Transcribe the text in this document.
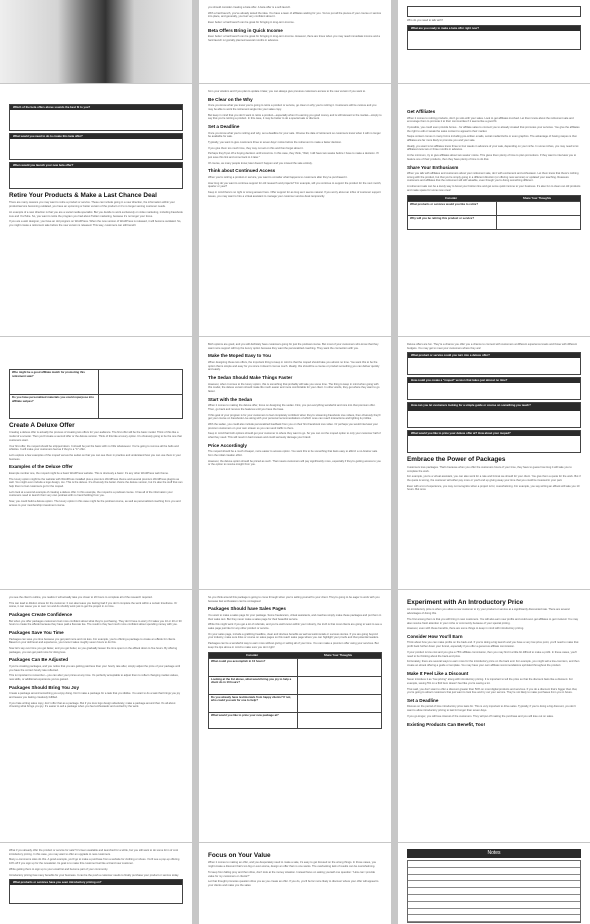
you should consider creating a beta offer. A beta offer is a soft launch.
With a hard launch, you've already tested the idea. You have a team of affiliates waiting for you. You've put all the pieces of your course or service into place, and generally, you feel very confident about it.
Even better: a hard launch can be great for bringing in long-term income.
Beta Offers Bring in Quick Income
Even better: a hard launch can be great for bringing in long-term income. However, there are times when you may need immediate income and a hard launch is typically planned several months in advance.
Who do you need to talk with?
What are you ready to make a beta offer right now?
Which of the beta offers above sounds the best fit to you?
What would you need to do to create this beta offer?
When would you launch your new beta offer?
Retire Your Products & Make a Last Chance Deal
There are many reasons you may want to retire a product or service. These can include going in a new direction, the information within your product/service becoming outdated, you have an upcoming or better version of the product or it's no longer serving customer needs.
An example of a new direction is that you are a social media specialist. But you decide to work exclusively on video marketing, including Facebook Live and YouTube. So, you want to retire the program you had about Twitter marketing, because it's no longer your focus.
If you are a web designer, you have an old program on WordPress. When the new version of WordPress is released, it will become outdated. So, you might create a retirement sale before the new version is released. This way, customers can still benefit
from your wisdom and if you plan to update it later, you can always give previous customers access to the new version if you want to.
Be Clear on the Why
Once you know what you know you're going to retire a product or service, go clear on why you're retiring it. Customers will be curious and you may be able to work the retirement angle into your sales copy.
But keep in mind that you don't want to retire a product—especially when it's earning you good money and is still relevant to the market—simply to say that you're retiring a product. In this case, it may be better to do a special sale or discount.
Set a Deadline
Once you know what you're retiring and why, set a deadline for your sale. Choose the date of retirement so customers know when it will no longer be available for sale.
Typically, you want to give customers three to seven days' notice before the retirement to make a faster decision.
If you give them too much time, they may not act on this and then forget about it.
Perhaps they'll put off a buying decision until tomorrow. In this case, they think, "Well, I still have two weeks before I have to make a decision. I'll just save this link and come back to it later."
Of course, as many people know, later doesn't happen and you missed the sale entirely.
Think about Continued Access
When you're retiring a product or service, you want to consider what happens to customers after they've purchased it.
How long do you want to continue support for old research and projects? For example, will you continue to support the product for the next month, quarter or year?
Keep in mind there's no right or wrong answer here. Offer support for as long as it seems natural. If you worry about an influx of customer support issues, you may want to hire a virtual assistant to manage your customer service desk temporarily.
Get Affiliates
When it comes to retiring products, don't go solo with your sales. Look to get affiliates involved. Let them know about the retirement sale and encourage them to promote it to their communities if it seems like a good fit.
If possible, you could even provide bonus... for affiliate sales to connect you to already created that promotes your services. You give the affiliates the right to edit or tweak the sales content to appeal to their market.
Swipe content comes in many forms including pre-written emails, social media blurbs or even graphics. The advantage of having swipes is that affiliates are far more likely to promote you and your sale.
Ideally, you want to let affiliates know three to four weeks in advance of your sale, depending on your niche. In some niches, you may need to let affiliates know two or three months in advance.
At the minimum, try to give affiliates about two weeks' notice. This gives them plenty of time to plan promotions. If they want to interview you to feature one of their products, then they have plenty of time to do that.
Share Your Enthusiasm
When you talk with affiliates and customers about your retirement sale, do it with excitement and enthusiasm. Let them know that there's nothing wrong with the product, but that you're simply going in a different direction (or offering new services) or updated your teaching. Reassure customers and affiliates that the retirement will still valuable, even though you're doing something different.
A retirement sale can be a lovely way to boost your bottom line and get some quick income to your business. It's also fun to clean out old products and make space for some new ones!
Consider	Share Your Thoughts
What products or services would you like to retire?
Why will you be retiring this product or service?
Who might be a good affiliate match for promoting this retirement sale?
Do you have personalized materials you could repurpose into affiliate swipes?
Create A Deluxe Offer
Creating a deluxe offer is actually the process of creating two offers for your audience. The first offer will be the basic model. Think of this like a model of a scooter. Then you'll create a second offer or the deluxe version. Think of this like a luxury option. It's obviously going to be the one that customers want.
Your first offer, the moped should be stripped down. It should be just the basic with no frills whatsoever. You're going to remove all the bells and whistles. It will make your customers feel as if they're a "C" offer.
Let's explore a few examples of the moped versus the sedan so that you can see them in practice and understand how you can use them in your business.
Examples of the Deluxe Offer
Example number one, the moped might be a basic WordPress website. This is obviously a basic: It's any other WordPress web theme.
The luxury option might be the website with WordPress installed plus a premium WordPress theme and several premium WordPress plugins as well. You might even include a logo design, too. This is the deluxe. It's obviously the better choice the deluxe version, but it's also the stuff that can help them to feel customers go for the moped.
Let's look at a second example of creating a deluxe offer. In this example, the moped is a podcast course. It has all of the information your customers need to launch their very own podcast with no hand holding from you.
Now, you could build a deluxe option. The luxury option in this case might be the podcast course, as well as personalized coaching from you and access to your membership investment course.
Both options are good, and you will definitely have customers going for just the podcast course. But most of your customers who know that they want more support will buy the luxury option because they want the personalized coaching. They want the connection with you.
Make the Moped Easy to You
When designing these two offers, the important thing to keep in mind is that the moped should take you almost no time. You want this to be the option that is simple and easy for you since it doesn't cost as much. Ideally, this should be a course or product something you can deliver quickly and easily.
The Sedan Should Make Things Faster
However, when it comes to the luxury option, this is something that probably will take you some time. The thing to keep in mind when going with this model, the deluxe version should make life much easier and more comfortable for your client. In other words, they get where they want to go faster.
Start with the Sedan
When it comes to making the deluxe offer, focus on designing the sedan. First, you put everything wonderful and nice into that premium offer. Then, go back and remove the features until you have the base.
If this goal of your program is for your customers to feel completely confident when they're streaming Facebook Live videos, then obviously they'll get your course on Facebook Live along with your personal recommendations of which ones can reach interactions and lighting & profiles.
With the sedan, you could also include personalized feedback from you on their first Facebook Live video. Or perhaps you would interview your premium customers on your own stream so you can send traffic to them.
Keep in mind that both options should get your customer to where they want to go. So you can cut the moped option to only your customer half of what they need. This will result in bad reviews and could seriously damage your brand.
Price Accordingly
The moped should be a much cheaper, more easier to access option. You want this to be something that feels easy to afford: a no-brainer sale from the initial creation effort.
However, the deluxe option should be priced as such. That means customers will pay significantly more, especially if they're getting access to you or the option to receive insight from you.
Deluxe offers are fun. They're a chance you offer you a chance to connect with customers at different experience levels and those with different budgets. You may get to meet your customers where they are!
What product or service could you turn into a deluxe offer?
How could you create a "moped" version that takes just almost no time?
How can you let customers looking for a simple guide or course on something you teach?
What would you like to price your deluxe offer at? How about your moped?
Embrace the Power of Packages
Customers love packages. That's because when you offer the customers hours of your time, they have to guess how long it will take you to complete the work.
For example, you're a virtual assistant, you can also work for a rate and format we should for your client. You give them a quote for the work. But if the quote is wrong, the customer will either pay more or you'll end up giving away your time that you could be invested in your part.
Even with a lot of experience, you may not recognize when a project is for, overwhelming. For example, you say writing an eBook will take you 10 hours. But once
you see the client's outline, you realize it will actually take you closer to 20 hours to complete all of the research required.
This can lead to dilution stress for the customer. It can also leave you feeling bad if you don't complete the work within a certain timeframe. Or worse, it can cause you to over run and do shoddy work just to get the project in on time.
Packages Create Confidence
But when you offer packages customers feel more confident about what they're purchasing. They don't have to worry if it takes you 10 or 20 or 30 hours to create the eBook because they have paid a flat-rate fee. The result is they feel much more confident about spending money with you.
Packages Save You Time
Packages can save you time because you get paid more and not less. For example, you're offering a package to create an eBook for clients. Based on your skill level and experience, you know it takes roughly seven hours to do this.
Now let's say over time you get faster, and you get better, so you gradually lessen the time spent on the eBook down to five hours. By offering packages, you can get paid more for doing less.
Packages Can Be Adjusted
If you're creating packages, and you notice that you are getting paid less than your hourly rate after, simply adjust the price of your package until you have the correct hourly rate reflected.
This is important to remember—you can alter your prices at any time. It's perfectly acceptable to adjust them to reflect changing market values, new skills, or additional experience you've gained.
Packages Should Bring You Joy
Create a package around something you enjoy doing. Don't make a package for a task that you dislike. You want to do a task that brings you joy and leaves you feeling creatively fulfilled.
If you hate writing sales copy, don't offer that as a package. But if you love logo design absolutely, make a package around that. It's all about choosing what brings you joy. It's easier to sell a package when you feel enthusiastic and excited by the work.
So you think around this package is going to come through when you're selling yourself to your client. They're going to be eager to work with you because feel enthusiasm can be contagious!
Packages Should have Sales Pages
You want to make a sales page for your package. Some freelancers, virtual assistants, and coaches simply make these packages and put them in their sales text. But they never make a sales page for their beautiful service.
While this might work if you get a lot of referrals, and you're well known within your industry, the truth is that most clients are going to want to see a sales page just like for any other product or service.
On your sales page, include a grabbing headline, clear and obvious benefits as well as testimonials or success stories. If you are going beyond your industry, make sure links or course on sales pages so this reach sales page where you can highlight your proofs and that potential readers.
Packages can be a wonderful way to earn more without giving or selling all of your time. You can make a premium offer using your services. But keep the tips above in mind to make sure you do it right!
Consider	Share Your Thoughts
What could you accomplish in 10 hours?
Looking at the list above, what would bring you joy to help a client do in 10 hours?
Do you already have testimonials from happy clients? If not, who could you ask for one to help?
What would you like to price your new package at?
Experiment with An Introductory Price
An introductory price is when you allow a new customer to try your product or service at a significantly discounted rate. There are several advantages of doing this.
The first among them is that you will bring in new customers. You will also earn new profits and could even get affiliates to get involved. You may also receive fresh attention in your niche or community because of your special pricing.
However, even with these benefits, there are some things to keep in mind with introductory pricing.
Consider How You'll Earn
Think about how you can make profits on the back end. If you're doing a big launch and you have a very low price point, you'll need to make that profit back further down your funnel, especially if you offer a generous affiliate commission.
If your product is low cost and you give a 75% affiliate commission, then you may find it a little bit difficult to make a profit. In these cases, you'll need to be thinking about the back-end price.
Fortunately, there are several ways to earn more for the introductory price on the back end. For example, you might sell a low-cost item, and then create an ebook offering a guide or template. You may have your own affiliate recommendations sprinkled throughout the product.
Make It Feel Like a Discount
Never introduce it as "low pricing" along with introductory pricing. It is important to tell the price so that the discount feels like a discount. For example, saving 5% on a $10 item doesn't feel like you're saving a lot.
That said, you don't want to offer a discount greater than 50% on most digital products and services. If you do a discount that's bigger than that, you're going to attract customers that just want to look free and try out your service. They're not likely to make purchases from you in future.
Set a Deadline
Discuss on the period of time introductory price lasts for. This is very important to drive sales. Typically, if you're doing a big discount, you don't want to allow introductory pricing to last for longer than seven days.
If you go longer, you will lose interest of the customers. They will put off making the purchase and you will lose out on sales.
Existing Products Can Benefit, Too!
What if you already offer the product or service for sale? It's been available and launched for a while, but you still want to do some form of cool introductory pricing. In this case, you may want to offer an upgrade to new customers.
Many e-commerce sites do this. A good example, you'll go to make a purchase from a website for clothing or shoes. You'll see a pop-up offering 10% off if you sign up for the newsletter. Its goal is to make this customer feel like a brand new customer.
While getting them to sign up to your email list and become part of your community.
Introductory pricing has many benefits for your business. It can be the push a customer needs to finally purchase your product or service today.
What products or services have you seen introductory pricing on?
Focus on Your Value
When it comes to making an offer, and you desperately need to make a sale, it's easy to get focused on the wrong things. In those cases, you might create a discount that's too big or even worse, design an offer that no one wants. The overlooking lack of results can be overwhelming.
To keep from falling prey and then drive, don't look at the money situation. Instead focus on asking yourself one question: "How can I provide value for my customers or clients?"
Let that thought promotes question drive you as you create an offer. If you do, you'll be far more likely to discover where your offer will appeal to your clients and make you the sales
Notes
